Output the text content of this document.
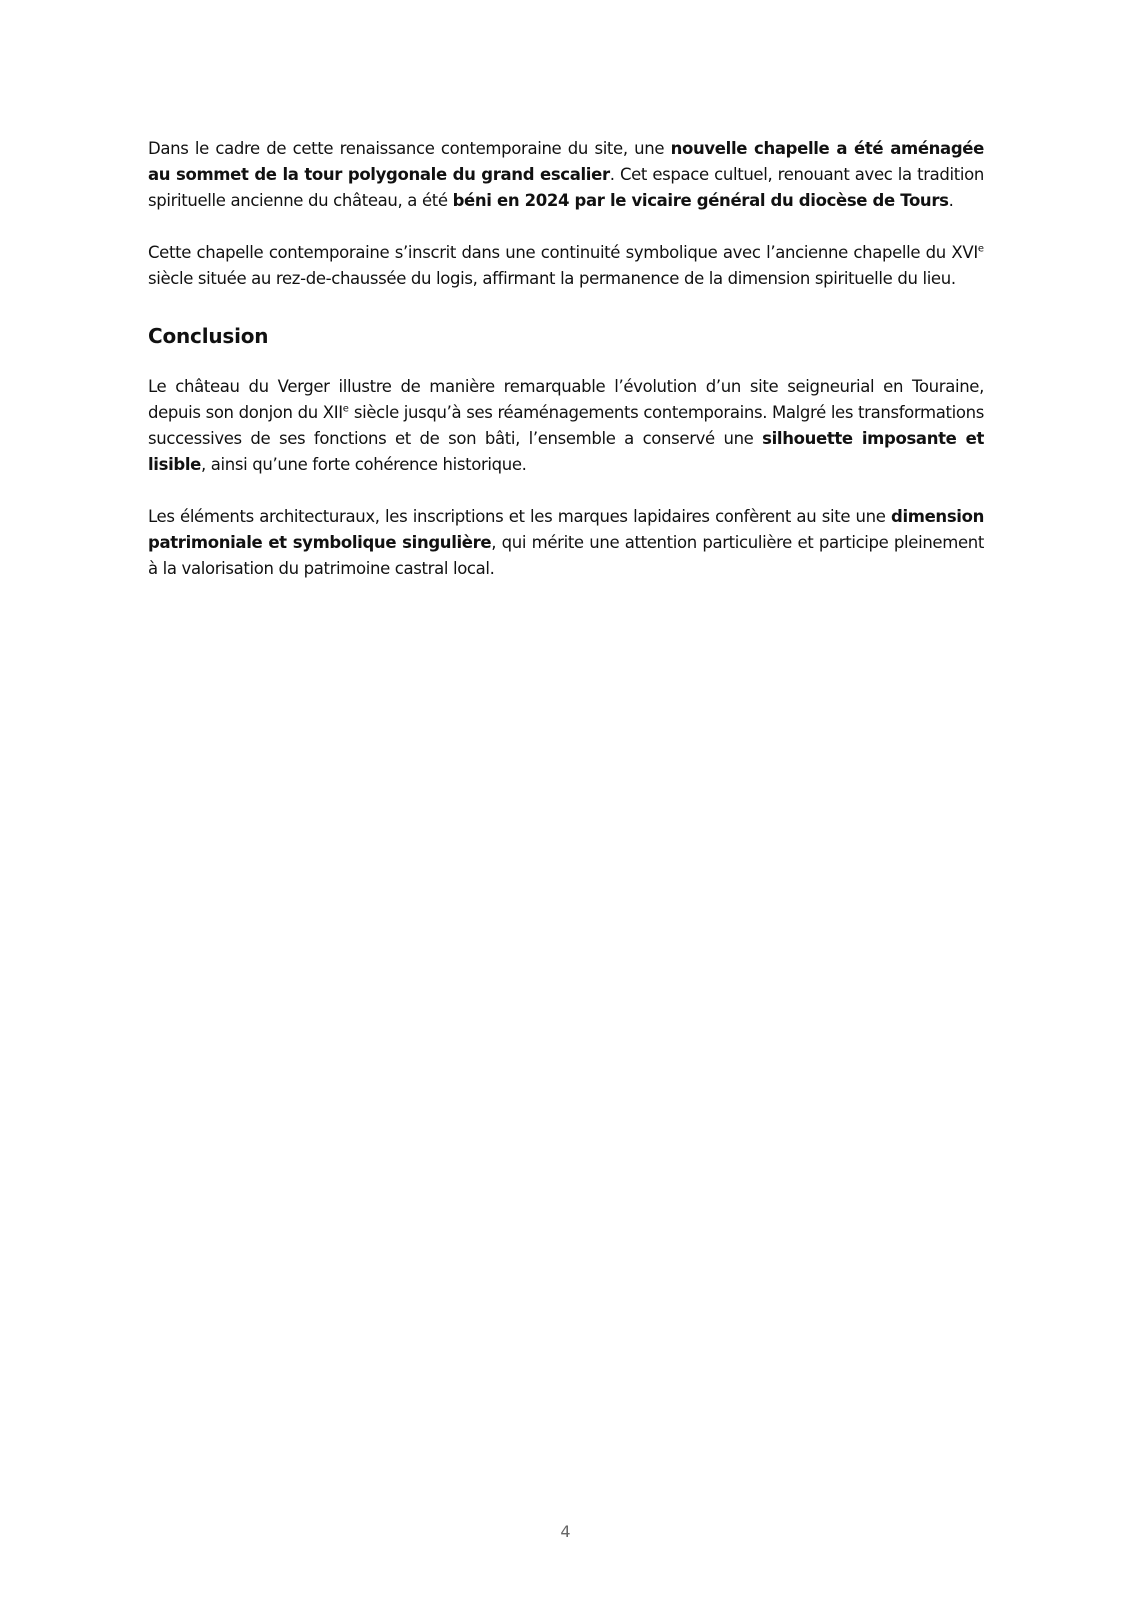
Dans le cadre de cette renaissance contemporaine du site, une nouvelle chapelle a été aménagée au sommet de la tour polygonale du grand escalier. Cet espace cultuel, renouant avec la tradition spirituelle ancienne du château, a été béni en 2024 par le vicaire général du diocèse de Tours.

Cette chapelle contemporaine s’inscrit dans une continuité symbolique avec l’ancienne chapelle du XVIe siècle située au rez-de-chaussée du logis, affirmant la permanence de la dimension spirituelle du lieu.

Conclusion

Le château du Verger illustre de manière remarquable l’évolution d’un site seigneurial en Touraine, depuis son donjon du XIIe siècle jusqu’à ses réaménagements contemporains. Malgré les transformations successives de ses fonctions et de son bâti, l’ensemble a conservé une silhouette imposante et lisible, ainsi qu’une forte cohérence historique.

Les éléments architecturaux, les inscriptions et les marques lapidaires confèrent au site une dimension patrimoniale et symbolique singulière, qui mérite une attention particulière et participe pleinement à la valorisation du patrimoine castral local.

4
